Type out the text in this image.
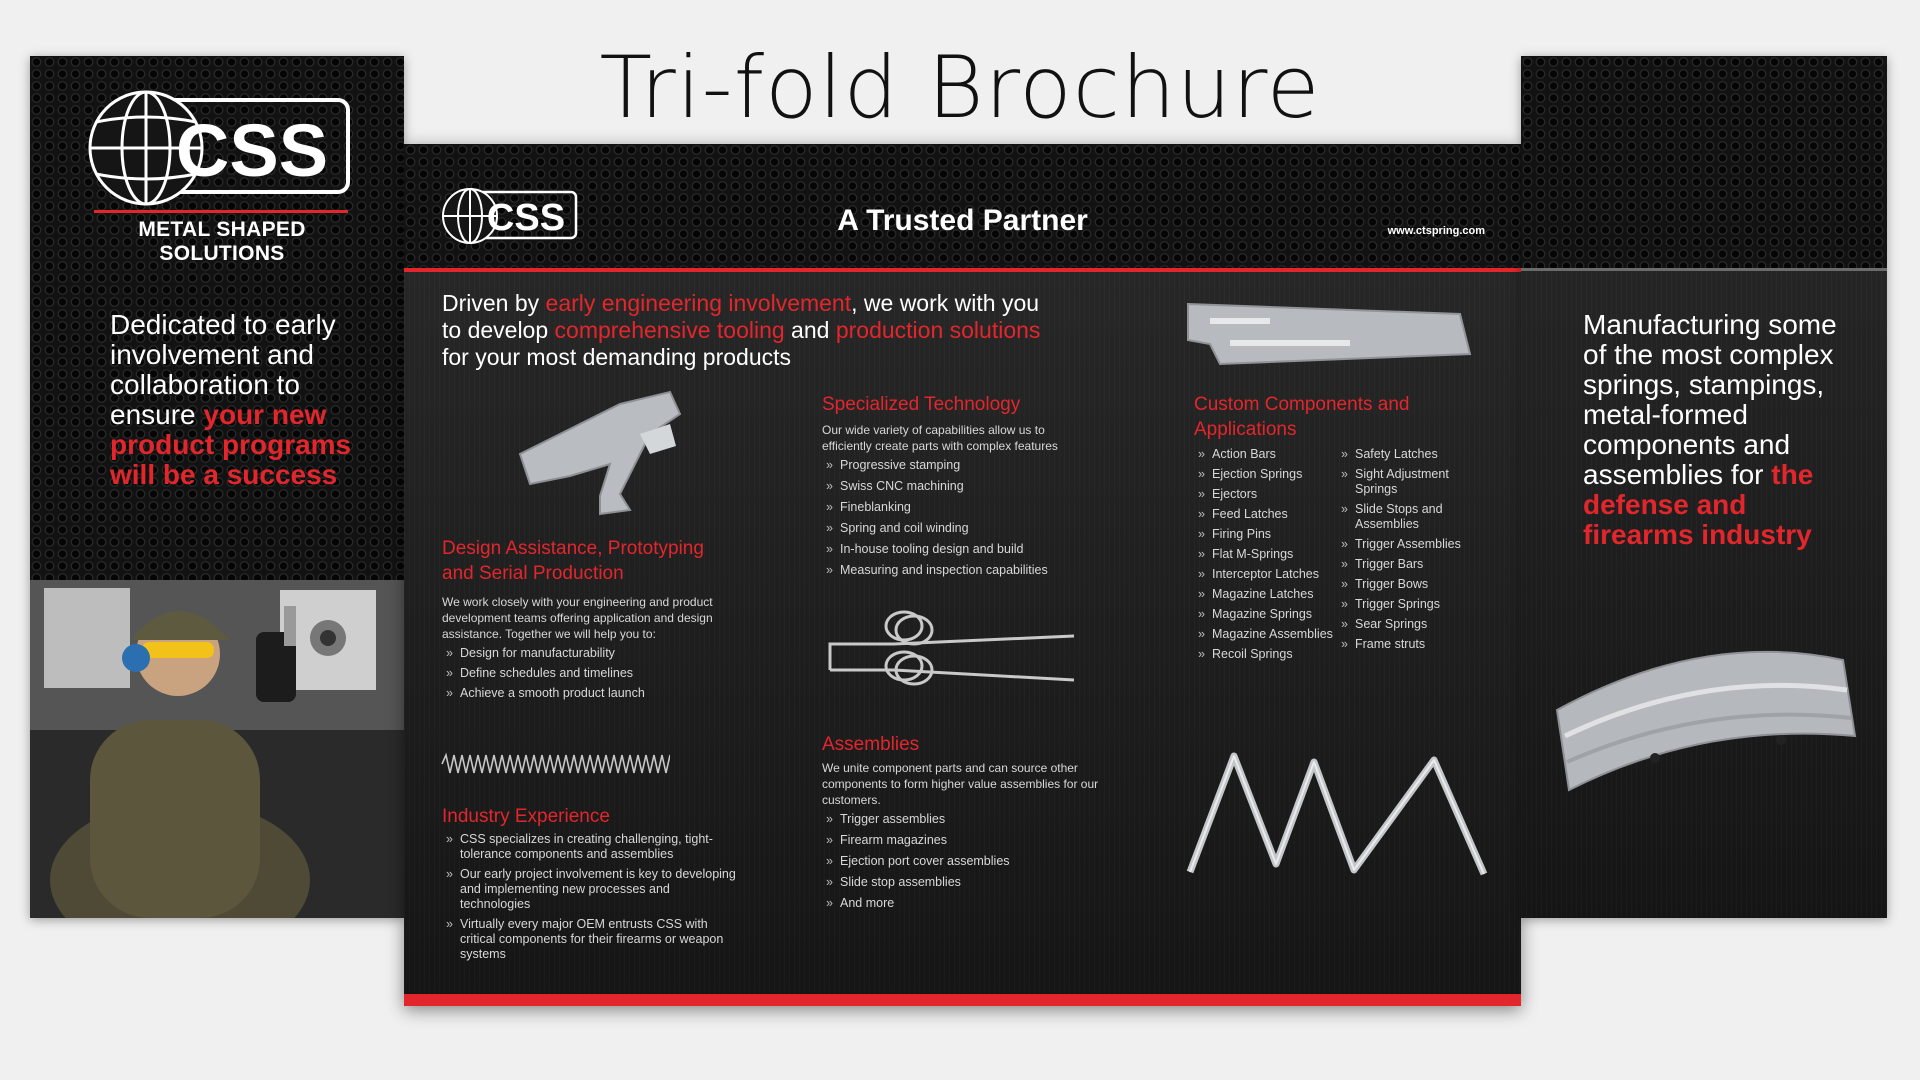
Tri-fold Brochure
CSS
METAL SHAPED SOLUTIONS
Dedicated to early involvement and collaboration to ensure your new product programs will be a success
CSS	A Trusted Partner	www.ctspring.com
Driven by early engineering involvement, we work with you to develop comprehensive tooling and production solutions for your most demanding products
Design Assistance, Prototyping and Serial Production
We work closely with your engineering and product development teams offering application and design assistance. Together we will help you to:
» Design for manufacturability
» Define schedules and timelines
» Achieve a smooth product launch
Industry Experience
» CSS specializes in creating challenging, tight-tolerance components and assemblies
» Our early project involvement is key to developing and implementing new processes and technologies
» Virtually every major OEM entrusts CSS with critical components for their firearms or weapon systems
Specialized Technology
Our wide variety of capabilities allow us to efficiently create parts with complex features
» Progressive stamping
» Swiss CNC machining
» Fineblanking
» Spring and coil winding
» In-house tooling design and build
» Measuring and inspection capabilities
Assemblies
We unite component parts and can source other components to form higher value assemblies for our customers.
» Trigger assemblies
» Firearm magazines
» Ejection port cover assemblies
» Slide stop assemblies
» And more
Custom Components and Applications
» Action Bars
» Ejection Springs
» Ejectors
» Feed Latches
» Firing Pins
» Flat M-Springs
» Interceptor Latches
» Magazine Latches
» Magazine Springs
» Magazine Assemblies
» Recoil Springs
» Safety Latches
» Sight Adjustment Springs
» Slide Stops and Assemblies
» Trigger Assemblies
» Trigger Bars
» Trigger Bows
» Trigger Springs
» Sear Springs
» Frame struts
Manufacturing some of the most complex springs, stampings, metal-formed components and assemblies for the defense and firearms industry
